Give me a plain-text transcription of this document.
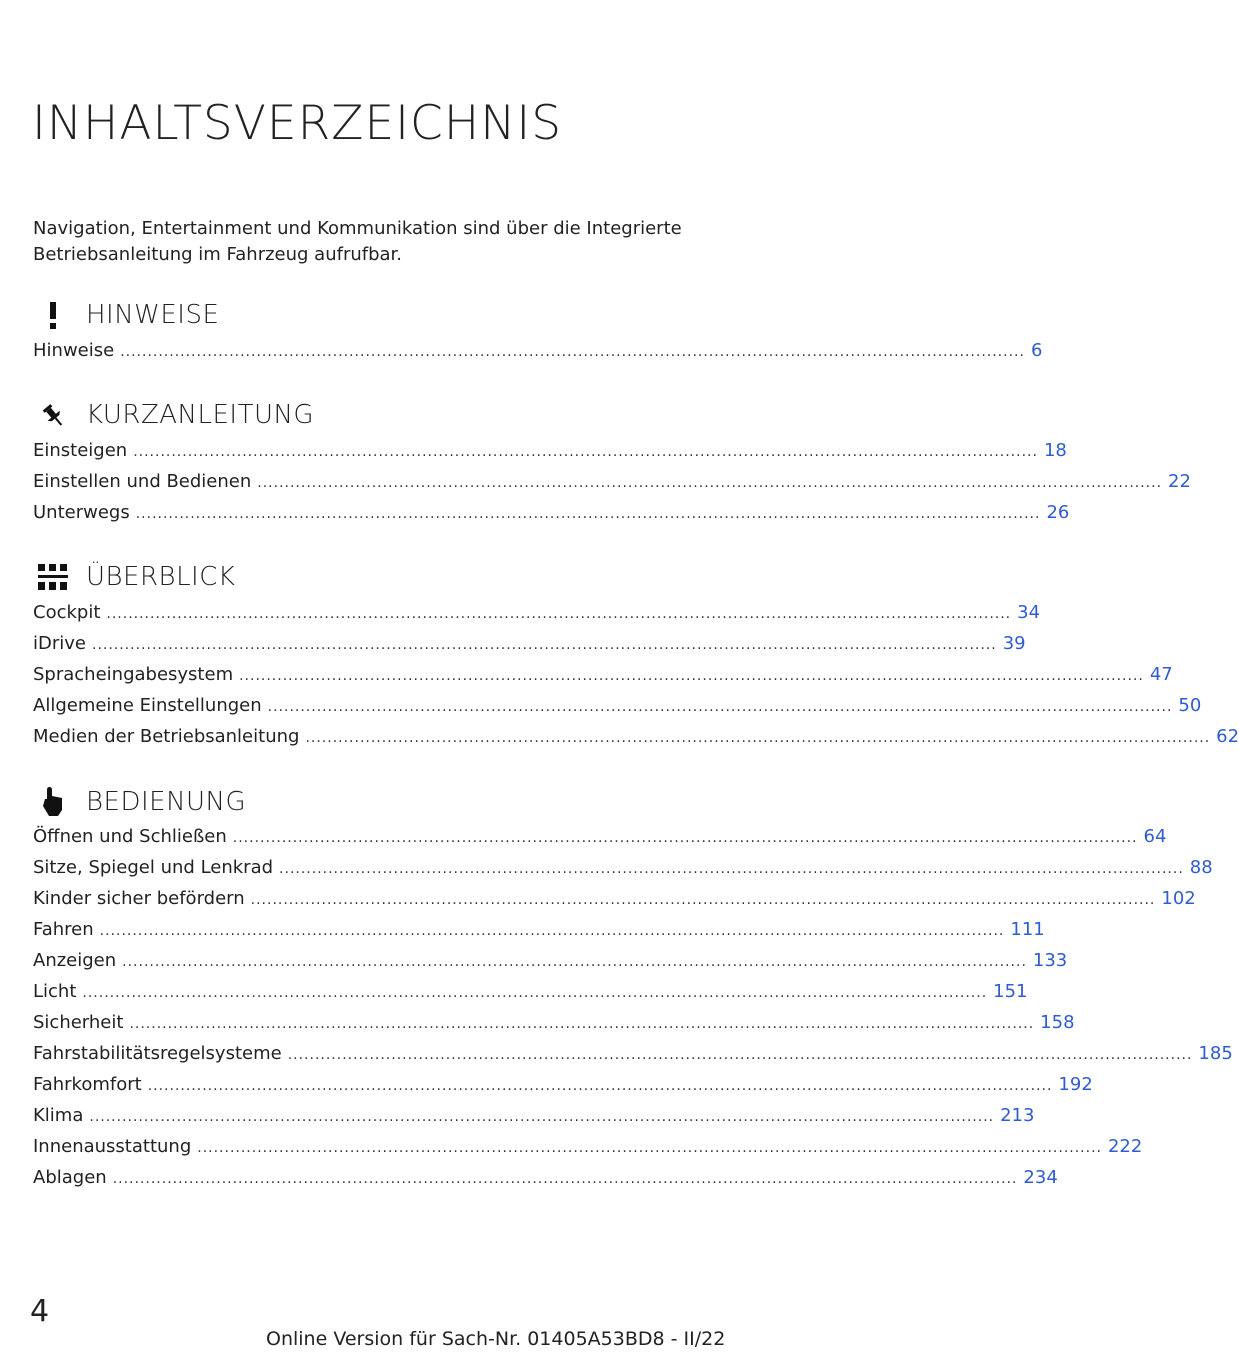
INHALTSVERZEICHNIS
Navigation, Entertainment und Kommunikation sind über die Integrierte Betriebsanleitung im Fahrzeug aufrufbar.
HINWEISE
Hinweise ...................................................................................................................................................................... 6
KURZANLEITUNG
Einsteigen ...................................................................................................................................................................... 18
Einstellen und Bedienen ...................................................................................................................................................................... 22
Unterwegs ...................................................................................................................................................................... 26
ÜBERBLICK
Cockpit ...................................................................................................................................................................... 34
iDrive ...................................................................................................................................................................... 39
Spracheingabesystem ...................................................................................................................................................................... 47
Allgemeine Einstellungen ...................................................................................................................................................................... 50
Medien der Betriebsanleitung ...................................................................................................................................................................... 62
BEDIENUNG
Öffnen und Schließen ...................................................................................................................................................................... 64
Sitze, Spiegel und Lenkrad ...................................................................................................................................................................... 88
Kinder sicher befördern ...................................................................................................................................................................... 102
Fahren ...................................................................................................................................................................... 111
Anzeigen ...................................................................................................................................................................... 133
Licht ...................................................................................................................................................................... 151
Sicherheit ...................................................................................................................................................................... 158
Fahrstabilitätsregelsysteme ...................................................................................................................................................................... 185
Fahrkomfort ...................................................................................................................................................................... 192
Klima ...................................................................................................................................................................... 213
Innenausstattung ...................................................................................................................................................................... 222
Ablagen ...................................................................................................................................................................... 234
4
Online Version für Sach-Nr. 01405A53BD8 - II/22
